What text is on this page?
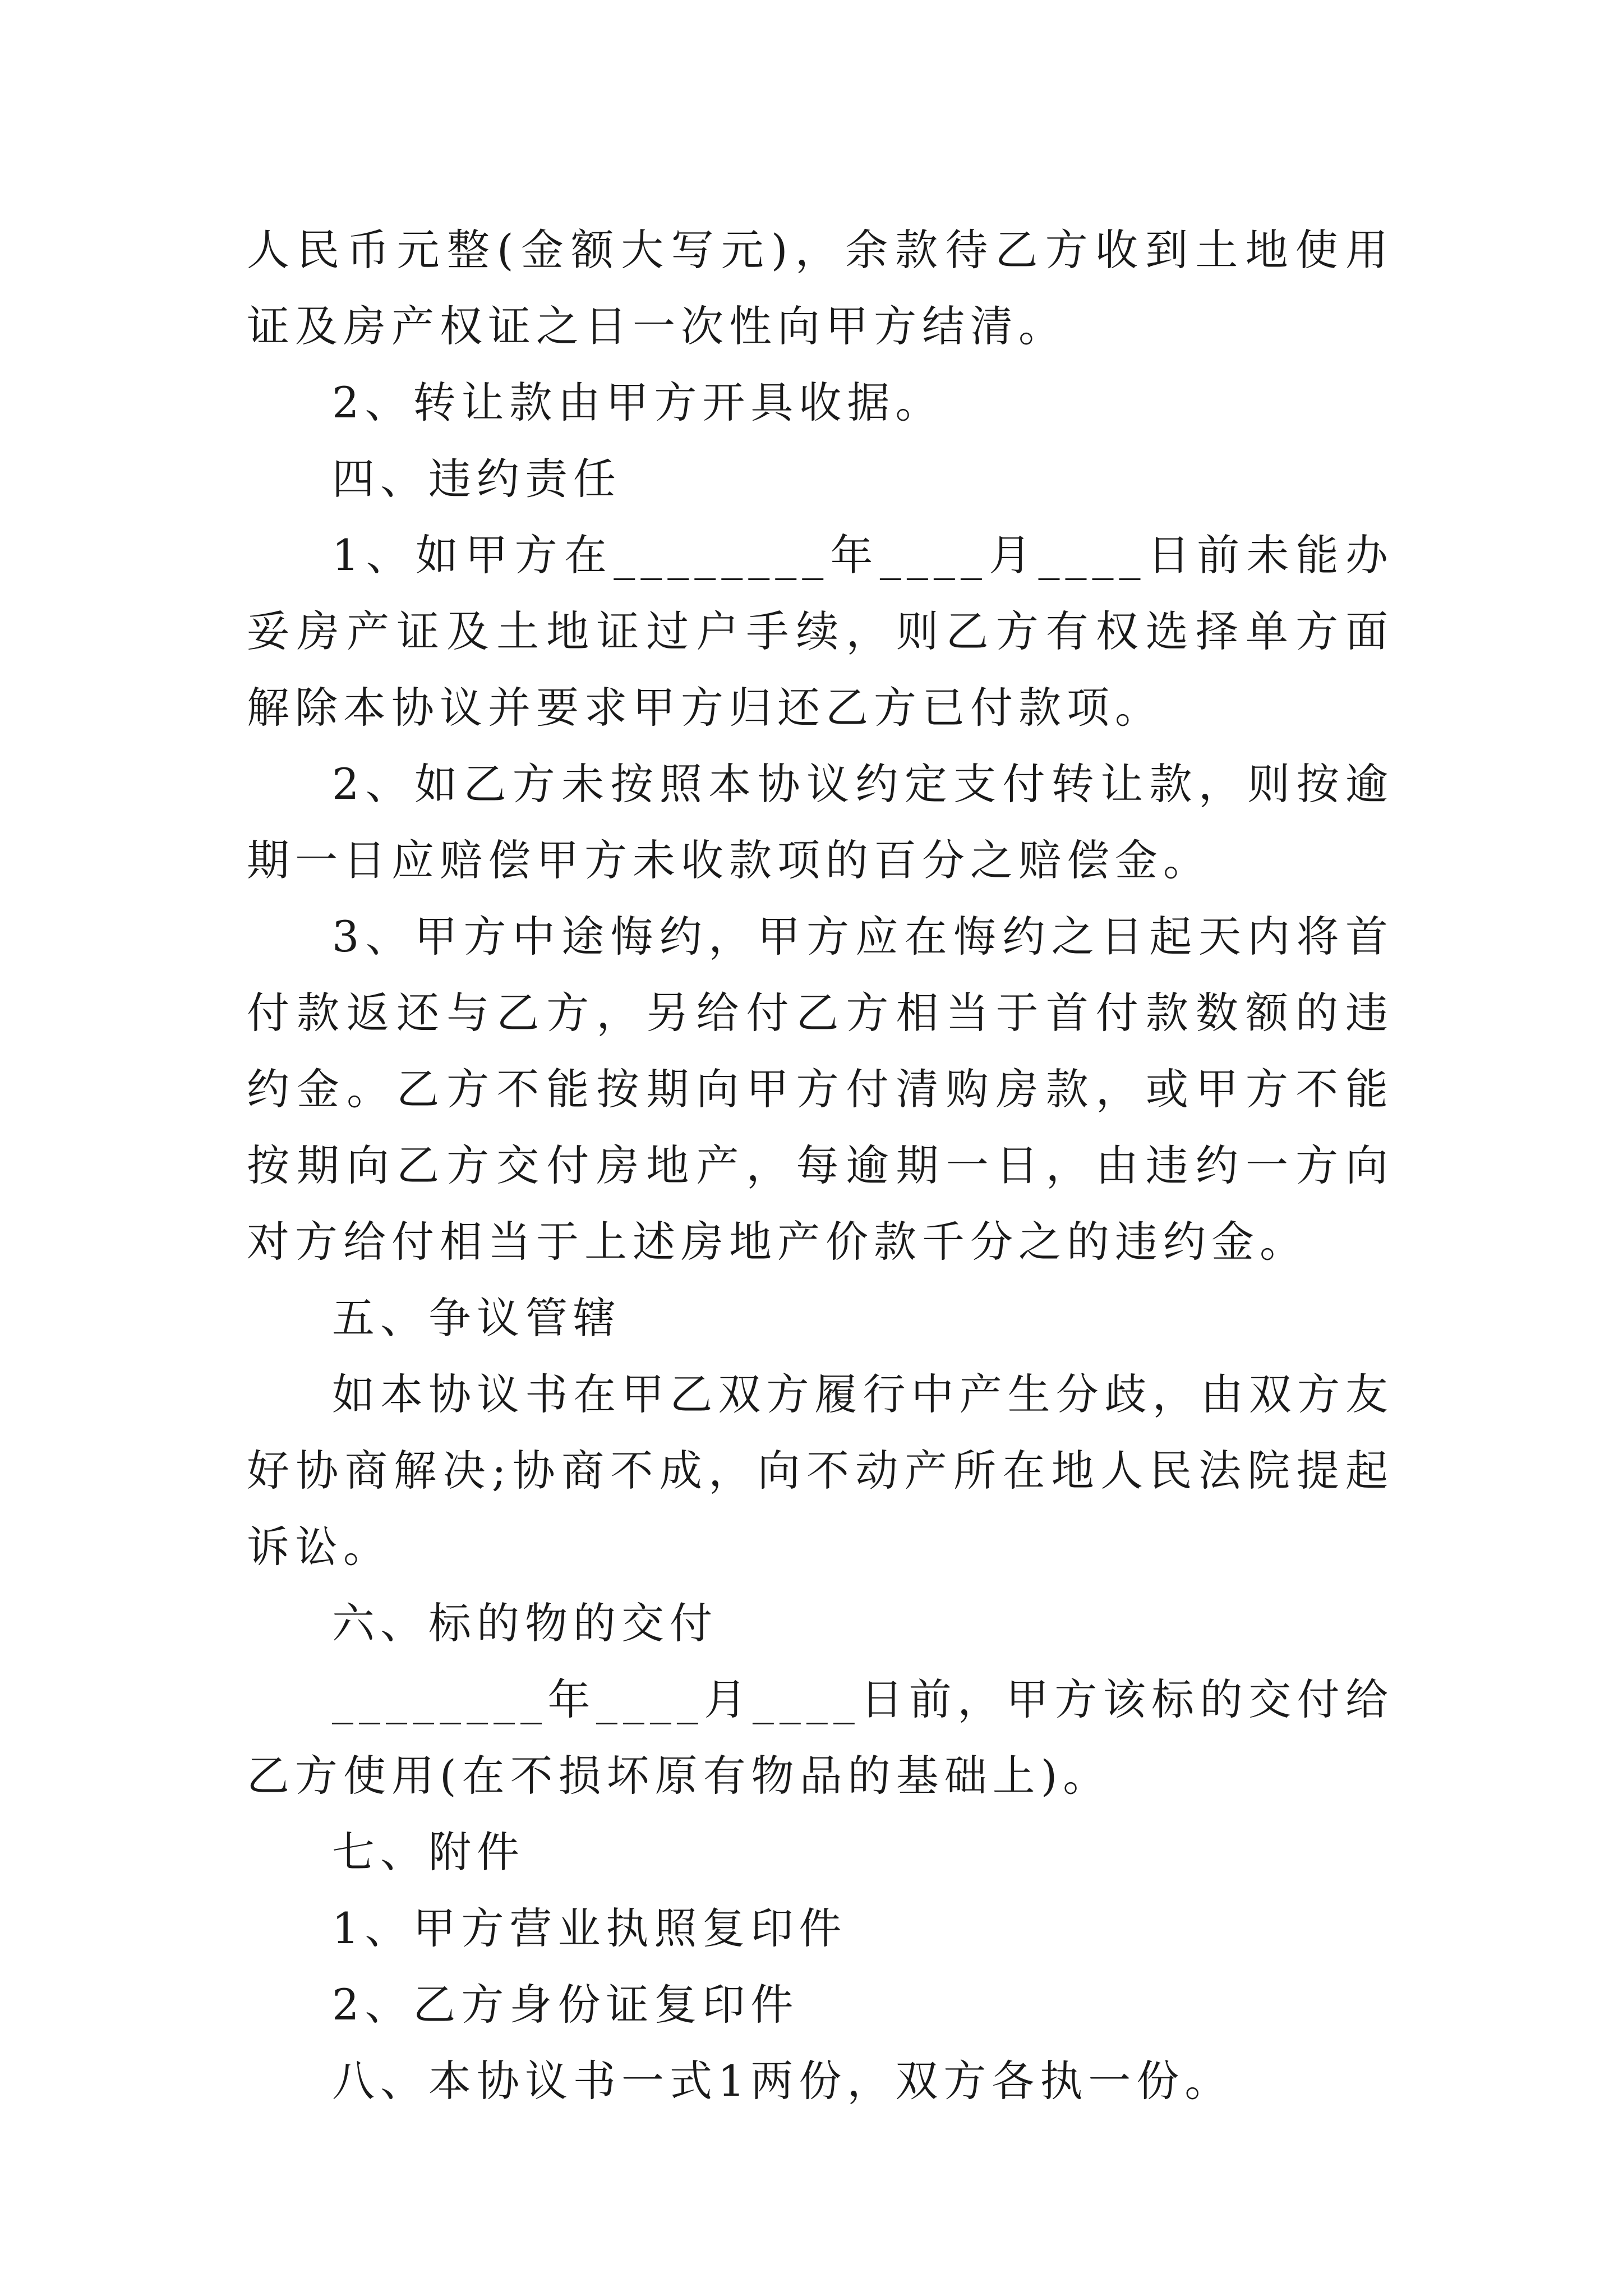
人民币元整(金额大写元)，余款待乙方收到土地使用证及房产权证之日一次性向甲方结清。

2、转让款由甲方开具收据。

四、违约责任

1、如甲方在________年____月____日前未能办妥房产证及土地证过户手续，则乙方有权选择单方面解除本协议并要求甲方归还乙方已付款项。

2、如乙方未按照本协议约定支付转让款，则按逾期一日应赔偿甲方未收款项的百分之赔偿金。

3、甲方中途悔约，甲方应在悔约之日起天内将首付款返还与乙方，另给付乙方相当于首付款数额的违约金。乙方不能按期向甲方付清购房款，或甲方不能按期向乙方交付房地产，每逾期一日，由违约一方向对方给付相当于上述房地产价款千分之的违约金。

五、争议管辖

如本协议书在甲乙双方履行中产生分歧，由双方友好协商解决;协商不成，向不动产所在地人民法院提起诉讼。

六、标的物的交付

________年____月____日前，甲方该标的交付给乙方使用(在不损坏原有物品的基础上)。

七、附件

1、甲方营业执照复印件

2、乙方身份证复印件

八、本协议书一式1两份，双方各执一份。
